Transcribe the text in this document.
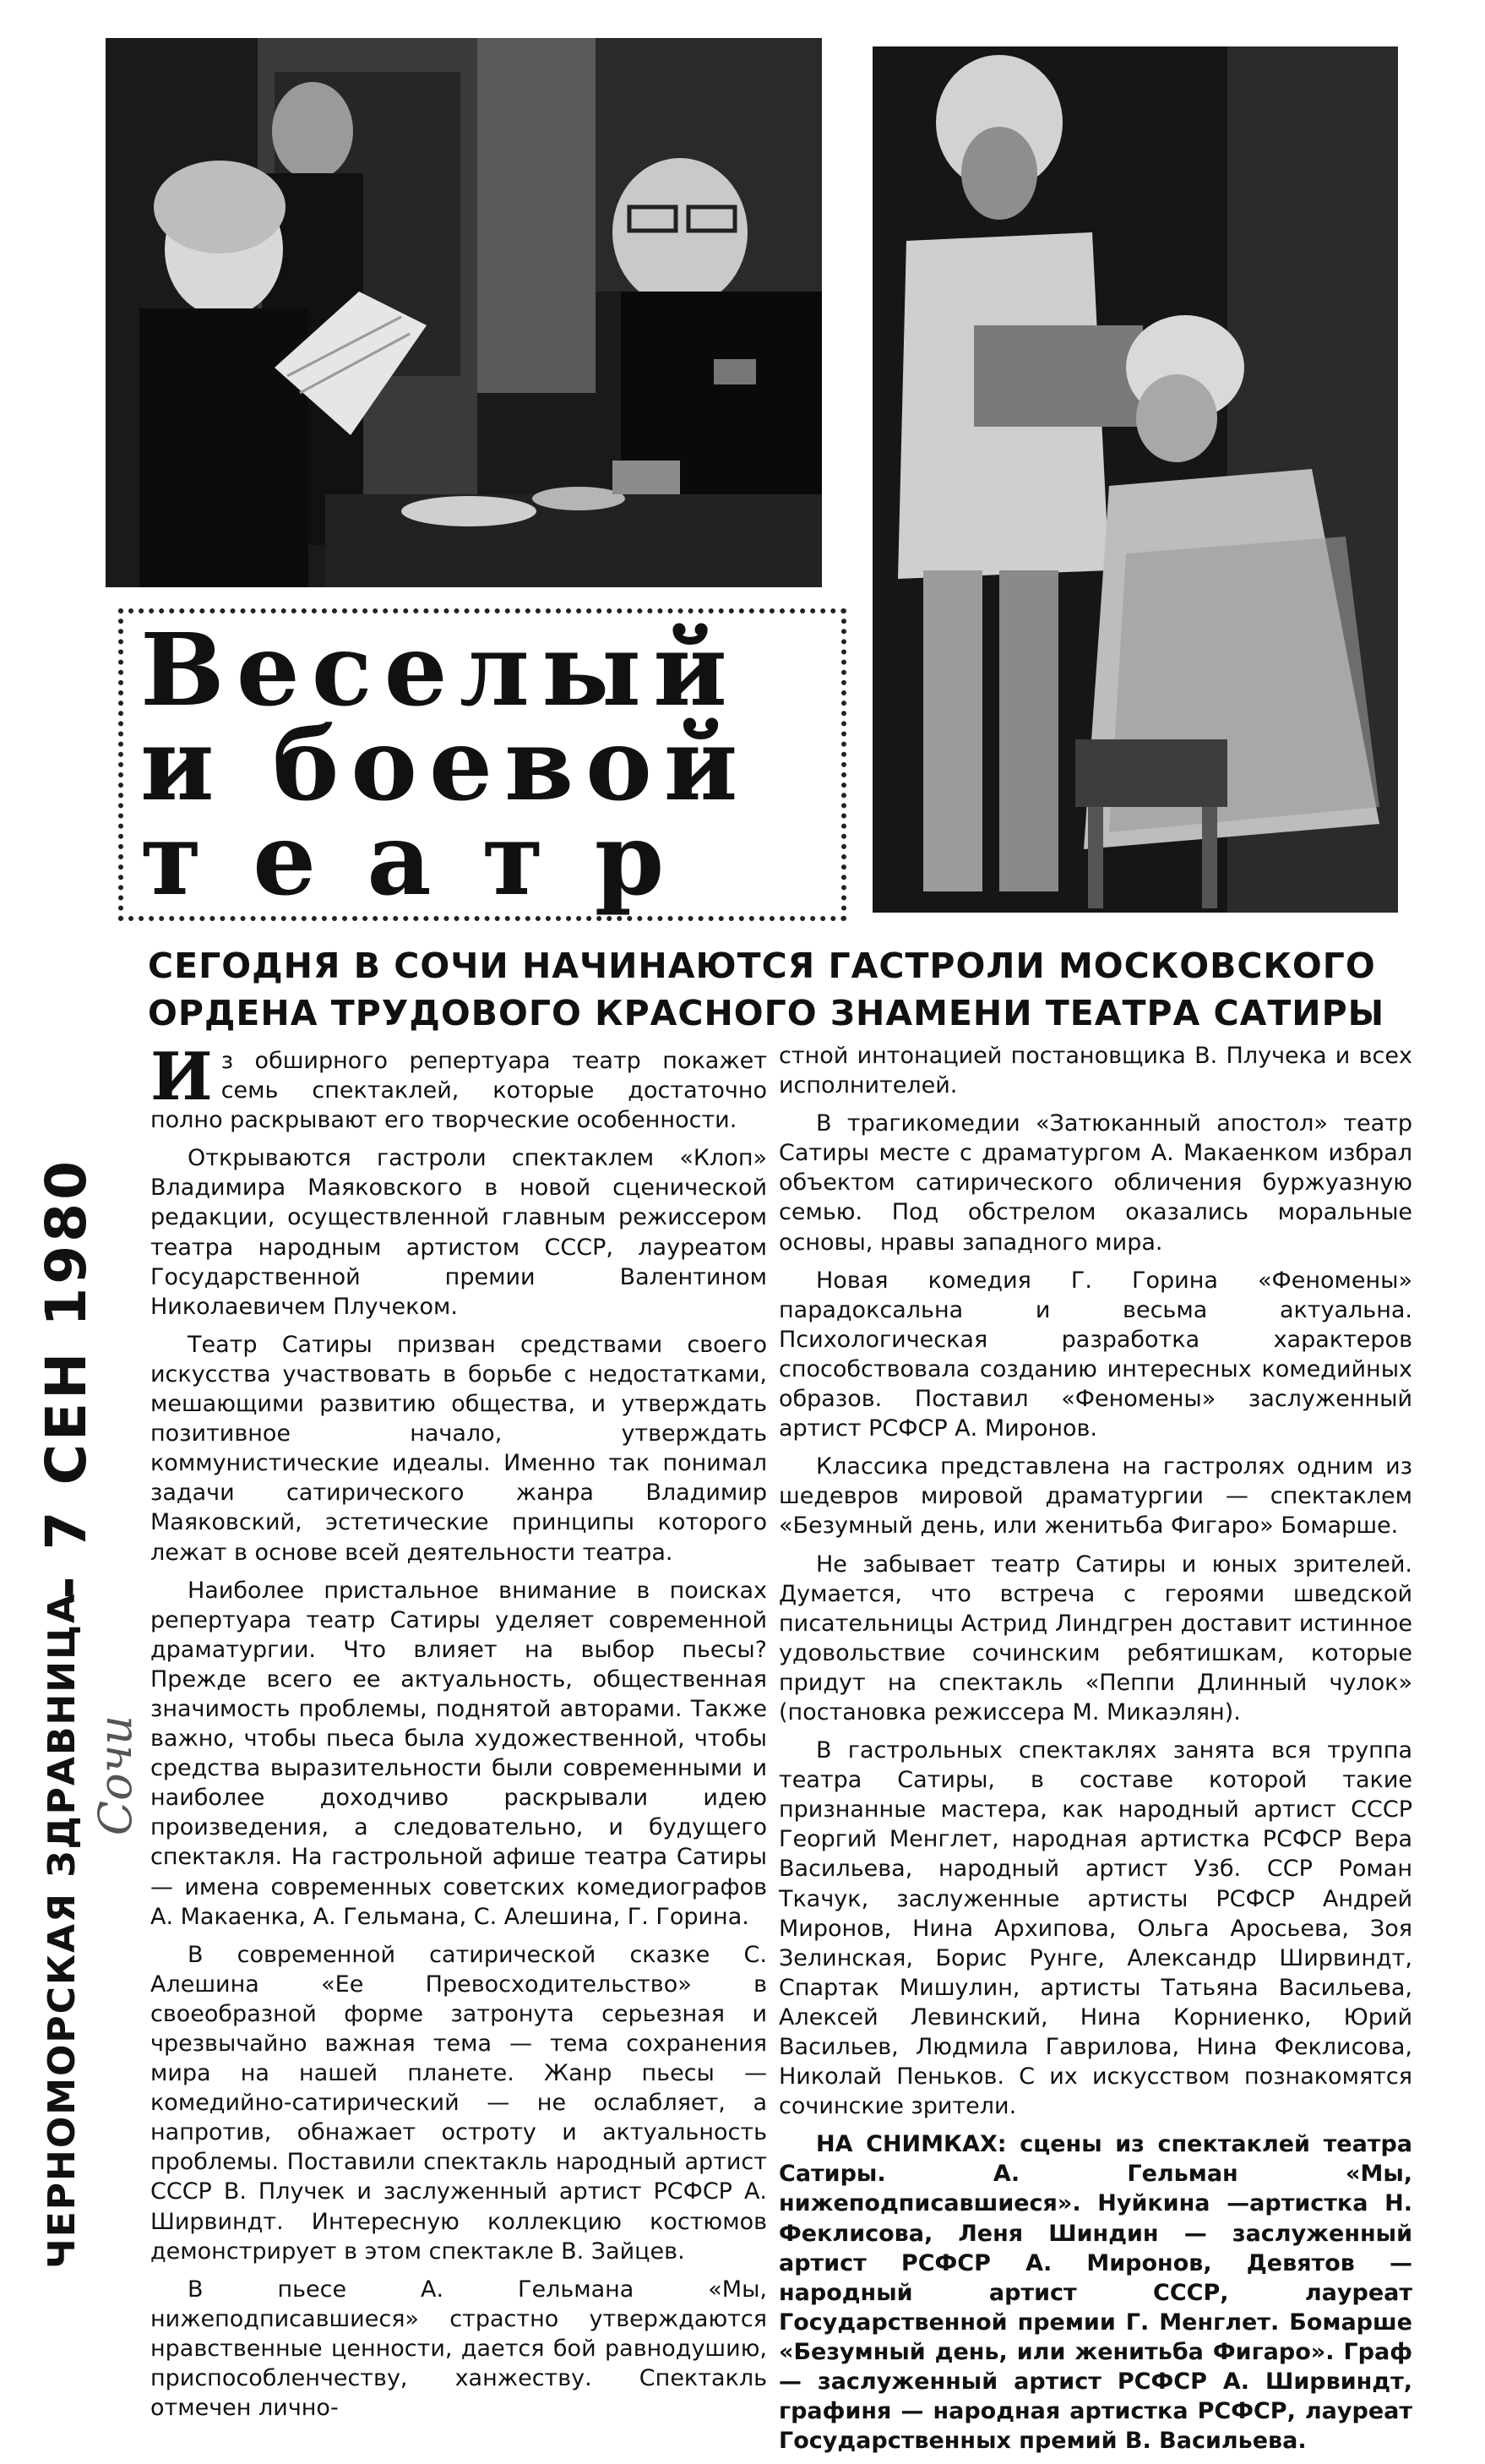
Веселый
и боевой
театр
СЕГОДНЯ В СОЧИ НАЧИНАЮТСЯ ГАСТРОЛИ МОСКОВСКОГО
ОРДЕНА ТРУДОВОГО КРАСНОГО ЗНАМЕНИ ТЕАТРА САТИРЫ
- 7 СЕН 1980
ЧЕРНОМОРСКАЯ ЗДРАВНИЦА Сочи

Из обширного репертуара театр покажет семь спектаклей, которые достаточно полно раскрывают его творческие особенности.

Открываются гастроли спектаклем «Клоп» Владимира Маяковского в новой сценической редакции, осуществленной главным режиссером театра народным артистом СССР, лауреатом Государственной премии Валентином Николаевичем Плучеком.

Театр Сатиры призван средствами своего искусства участвовать в борьбе с недостатками, мешающими развитию общества, и утверждать позитивное начало, утверждать коммунистические идеалы. Именно так понимал задачи сатирического жанра Владимир Маяковский, эстетические принципы которого лежат в основе всей деятельности театра.

Наиболее пристальное внимание в поисках репертуара театр Сатиры уделяет современной драматургии. Что влияет на выбор пьесы? Прежде всего ее актуальность, общественная значимость проблемы, поднятой авторами. Также важно, чтобы пьеса была художественной, чтобы средства выразительности были современными и наиболее доходчиво раскрывали идею произведения, а следовательно, и будущего спектакля. На гастрольной афише театра Сатиры — имена современных советских комедиографов А. Макаенка, А. Гельмана, С. Алешина, Г. Горина.

В современной сатирической сказке С. Алешина «Ее Превосходительство» в своеобразной форме затронута серьезная и чрезвычайно важная тема — тема сохранения мира на нашей планете. Жанр пьесы — комедийно-сатирический — не ослабляет, а напротив, обнажает остроту и актуальность проблемы. Поставили спектакль народный артист СССР В. Плучек и заслуженный артист РСФСР А. Ширвиндт. Интересную коллекцию костюмов демонстрирует в этом спектакле В. Зайцев.

В пьесе А. Гельмана «Мы, нижеподписавшиеся» страстно утверждаются нравственные ценности, дается бой равнодушию, приспособленчеству, ханжеству. Спектакль отмечен лично-

стной интонацией постановщика В. Плучека и всех исполнителей.

В трагикомедии «Затюканный апостол» театр Сатиры месте с драматургом А. Макаенком избрал объектом сатирического обличения буржуазную семью. Под обстрелом оказались моральные основы, нравы западного мира.

Новая комедия Г. Горина «Феномены» парадоксальна и весьма актуальна. Психологическая разработка характеров способствовала созданию интересных комедийных образов. Поставил «Феномены» заслуженный артист РСФСР А. Миронов.

Классика представлена на гастролях одним из шедевров мировой драматургии — спектаклем «Безумный день, или женитьба Фигаро» Бомарше.

Не забывает театр Сатиры и юных зрителей. Думается, что встреча с героями шведской писательницы Астрид Линдгрен доставит истинное удовольствие сочинским ребятишкам, которые придут на спектакль «Пеппи Длинный чулок» (постановка режиссера М. Микаэлян).

В гастрольных спектаклях занята вся труппа театра Сатиры, в составе которой такие признанные мастера, как народный артист СССР Георгий Менглет, народная артистка РСФСР Вера Васильева, народный артист Узб. ССР Роман Ткачук, заслуженные артисты РСФСР Андрей Миронов, Нина Архипова, Ольга Аросьева, Зоя Зелинская, Борис Рунге, Александр Ширвиндт, Спартак Мишулин, артисты Татьяна Васильева, Алексей Левинский, Нина Корниенко, Юрий Васильев, Людмила Гаврилова, Нина Феклисова, Николай Пеньков. С их искусством познакомятся сочинские зрители.

НА СНИМКАХ: сцены из спектаклей театра Сатиры. А. Гельман «Мы, нижеподписавшиеся». Нуйкина —артистка Н. Феклисова, Леня Шиндин — заслуженный артист РСФСР А. Миронов, Девятов — народный артист СССР, лауреат Государственной премии Г. Менглет. Бомарше «Безумный день, или женитьба Фигаро». Граф — заслуженный артист РСФСР А. Ширвиндт, графиня — народная артистка РСФСР, лауреат Государственных премий В. Васильева.
